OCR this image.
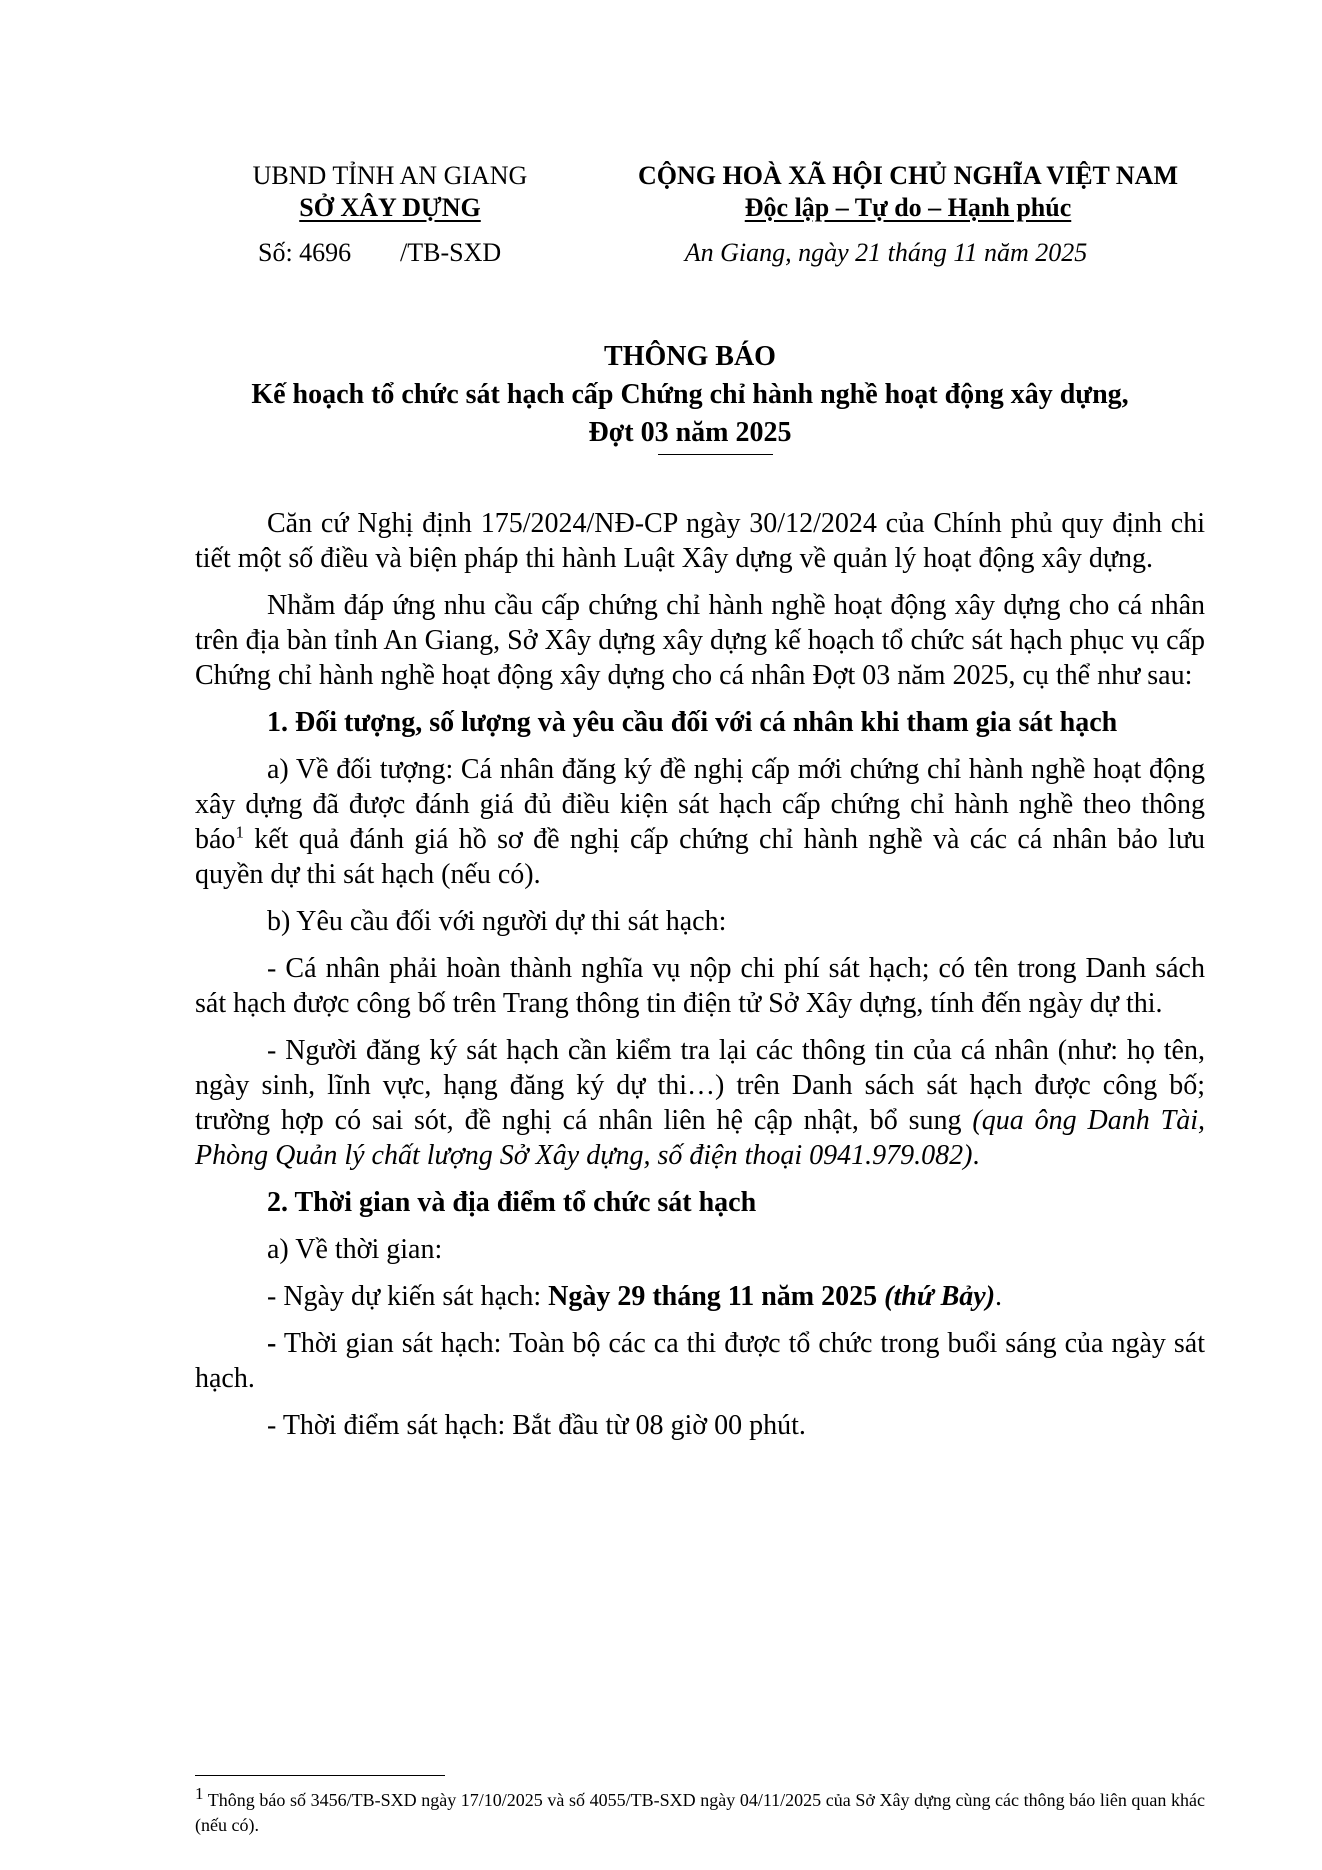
UBND TỈNH AN GIANG
SỞ XÂY DỰNG
CỘNG HOÀ XÃ HỘI CHỦ NGHĨA VIỆT NAM
Độc lập – Tự do – Hạnh phúc
Số: 4696 /TB-SXD	An Giang, ngày 21 tháng 11 năm 2025
THÔNG BÁO
Kế hoạch tổ chức sát hạch cấp Chứng chỉ hành nghề hoạt động xây dựng,
Đợt 03 năm 2025

Căn cứ Nghị định 175/2024/NĐ-CP ngày 30/12/2024 của Chính phủ quy định chi tiết một số điều và biện pháp thi hành Luật Xây dựng về quản lý hoạt động xây dựng.

Nhằm đáp ứng nhu cầu cấp chứng chỉ hành nghề hoạt động xây dựng cho cá nhân trên địa bàn tỉnh An Giang, Sở Xây dựng xây dựng kế hoạch tổ chức sát hạch phục vụ cấp Chứng chỉ hành nghề hoạt động xây dựng cho cá nhân Đợt 03 năm 2025, cụ thể như sau:

1. Đối tượng, số lượng và yêu cầu đối với cá nhân khi tham gia sát hạch

a) Về đối tượng: Cá nhân đăng ký đề nghị cấp mới chứng chỉ hành nghề hoạt động xây dựng đã được đánh giá đủ điều kiện sát hạch cấp chứng chỉ hành nghề theo thông báo$^1$ kết quả đánh giá hồ sơ đề nghị cấp chứng chỉ hành nghề và các cá nhân bảo lưu quyền dự thi sát hạch (nếu có).

b) Yêu cầu đối với người dự thi sát hạch:

- Cá nhân phải hoàn thành nghĩa vụ nộp chi phí sát hạch; có tên trong Danh sách sát hạch được công bố trên Trang thông tin điện tử Sở Xây dựng, tính đến ngày dự thi.

- Người đăng ký sát hạch cần kiểm tra lại các thông tin của cá nhân (như: họ tên, ngày sinh, lĩnh vực, hạng đăng ký dự thi…) trên Danh sách sát hạch được công bố; trường hợp có sai sót, đề nghị cá nhân liên hệ cập nhật, bổ sung (qua ông Danh Tài, Phòng Quản lý chất lượng Sở Xây dựng, số điện thoại 0941.979.082).

2. Thời gian và địa điểm tổ chức sát hạch

a) Về thời gian:

- Ngày dự kiến sát hạch: Ngày 29 tháng 11 năm 2025 (thứ Bảy).

- Thời gian sát hạch: Toàn bộ các ca thi được tổ chức trong buổi sáng của ngày sát hạch.

- Thời điểm sát hạch: Bắt đầu từ 08 giờ 00 phút.

$^1$ Thông báo số 3456/TB-SXD ngày 17/10/2025 và số 4055/TB-SXD ngày 04/11/2025 của Sở Xây dựng cùng các thông báo liên quan khác (nếu có).
